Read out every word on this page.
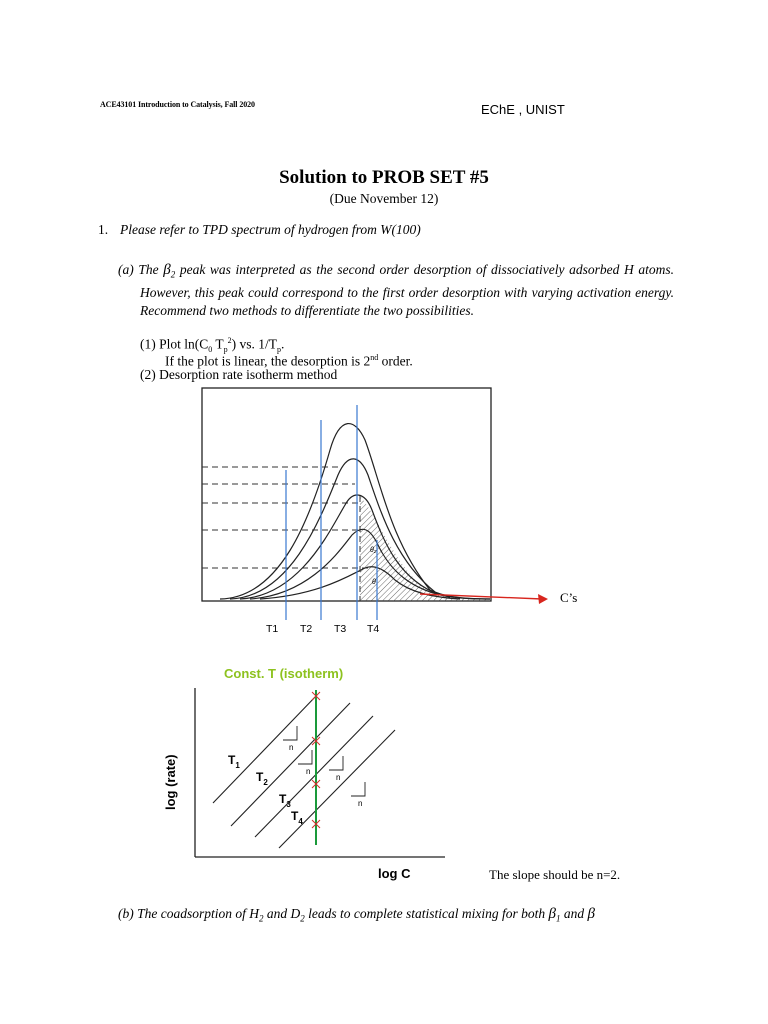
ACE43101 Introduction to Catalysis, Fall 2020	EChE , UNIST
Solution to PROB SET #5
(Due November 12)
1. Please refer to TPD spectrum of hydrogen from W(100)
(a) The $\beta_2$ peak was interpreted as the second order desorption of dissociatively adsorbed H atoms. However, this peak could correspond to the first order desorption with varying activation energy. Recommend two methods to differentiate the two possibilities.
(1) Plot $\ln(C_0$ $T_p^2$) vs. $1/T_p$.
If the plot is linear, the desorption is 2nd order.
(2) Desorption rate isotherm method
θ₂
θ
C’s
T1 T2 T3 T4
Const. T (isotherm)
log (rate)
log C
n
n
n
n
$T_1$
$T_2$
$T_3$
$T_4$
The slope should be n=2.
(b) The coadsorption of $H_2$ and $D_2$ leads to complete statistical mixing for both $\beta_1$ and β
